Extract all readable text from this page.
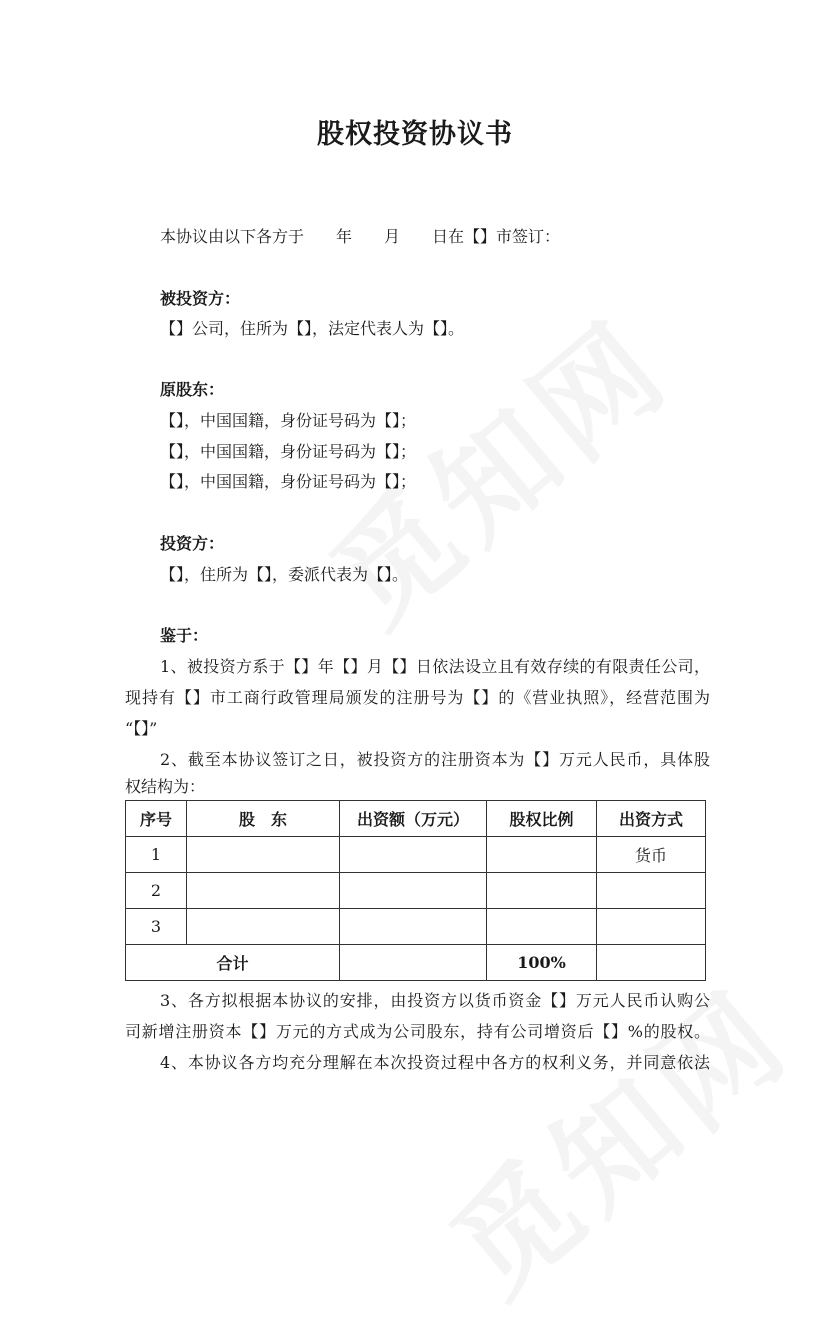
股权投资协议书
本协议由以下各方于　　年　　月　　日在【】市签订：
被投资方：
【】公司，住所为【】，法定代表人为【】。
原股东：
【】，中国国籍，身份证号码为【】；
【】，中国国籍，身份证号码为【】；
【】，中国国籍，身份证号码为【】；
投资方：
【】，住所为【】，委派代表为【】。
鉴于：
1、被投资方系于【】年【】月【】日依法设立且有效存续的有限责任公司，
现持有【】市工商行政管理局颁发的注册号为【】的《营业执照》，经营范围为
“【】”
2、截至本协议签订之日，被投资方的注册资本为【】万元人民币，具体股
权结构为：
序号	股　东	出资额（万元）	股权比例	出资方式
1				货币
2				
3				
合计			100%	
3、各方拟根据本协议的安排，由投资方以货币资金【】万元人民币认购公
司新增注册资本【】万元的方式成为公司股东，持有公司增资后【】%的股权。
4、本协议各方均充分理解在本次投资过程中各方的权利义务，并同意依法
